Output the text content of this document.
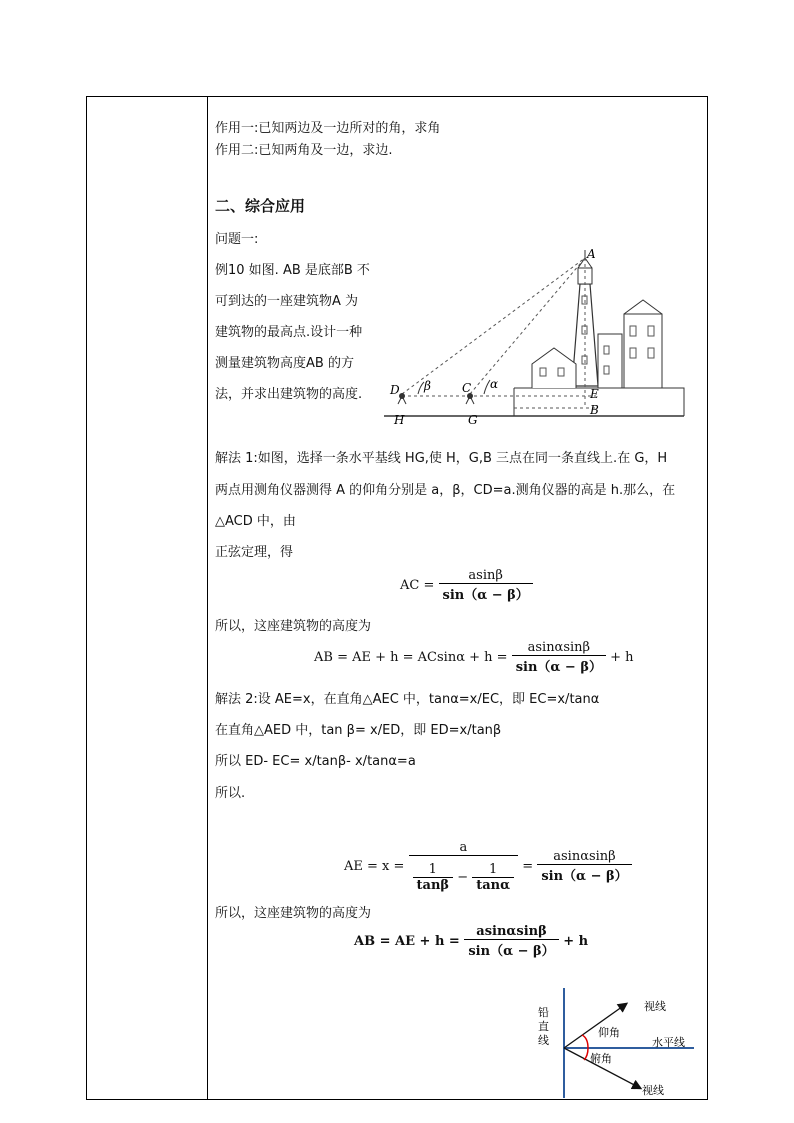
作用一:已知两边及一边所对的角，求角
作用二:已知两角及一边，求边.
二、综合应用
问题一:
例10 如图. AB 是底部B 不
可到达的一座建筑物A 为
建筑物的最高点.设计一种
测量建筑物高度AB 的方
法，并求出建筑物的高度.
A
D β	C α
E
B
H	G
解法 1:如图，选择一条水平基线 HG,使 H，G,B 三点在同一条直线上.在 G，H
两点用测角仪器测得 A 的仰角分别是 a，β，CD=a.测角仪器的高是 h.那么，在
△ACD 中，由
正弦定理，得
AC = $\frac{asin\beta}{\sin(\alpha - \beta)}$
所以，这座建筑物的高度为
AB = AE + $h = ACsin\alpha + h = \frac{asin\alpha\sin\beta}{\sin(\alpha - \beta)} + h$
解法 2:设 AE=x，在直角△AEC 中，tanα=x/EC，即 EC=x/tanα
在直角△AED 中，tan β= x/ED，即 ED=x/tanβ
所以 ED- EC= x/tanβ- x/tanα=a
所以.
AE = x =
a
$\frac{1}{\tan\beta} - \frac{1}{\tan\alpha} = \frac{asin\alpha\sin\beta}{\sin(\alpha - \beta)}$
所以，这座建筑物的高度为
AB = AE + $h = \frac{asin\alpha\sin\beta}{\sin(\alpha - \beta)} + h$
铅
直
线
视线
仰角
水平线
俯角
视线
